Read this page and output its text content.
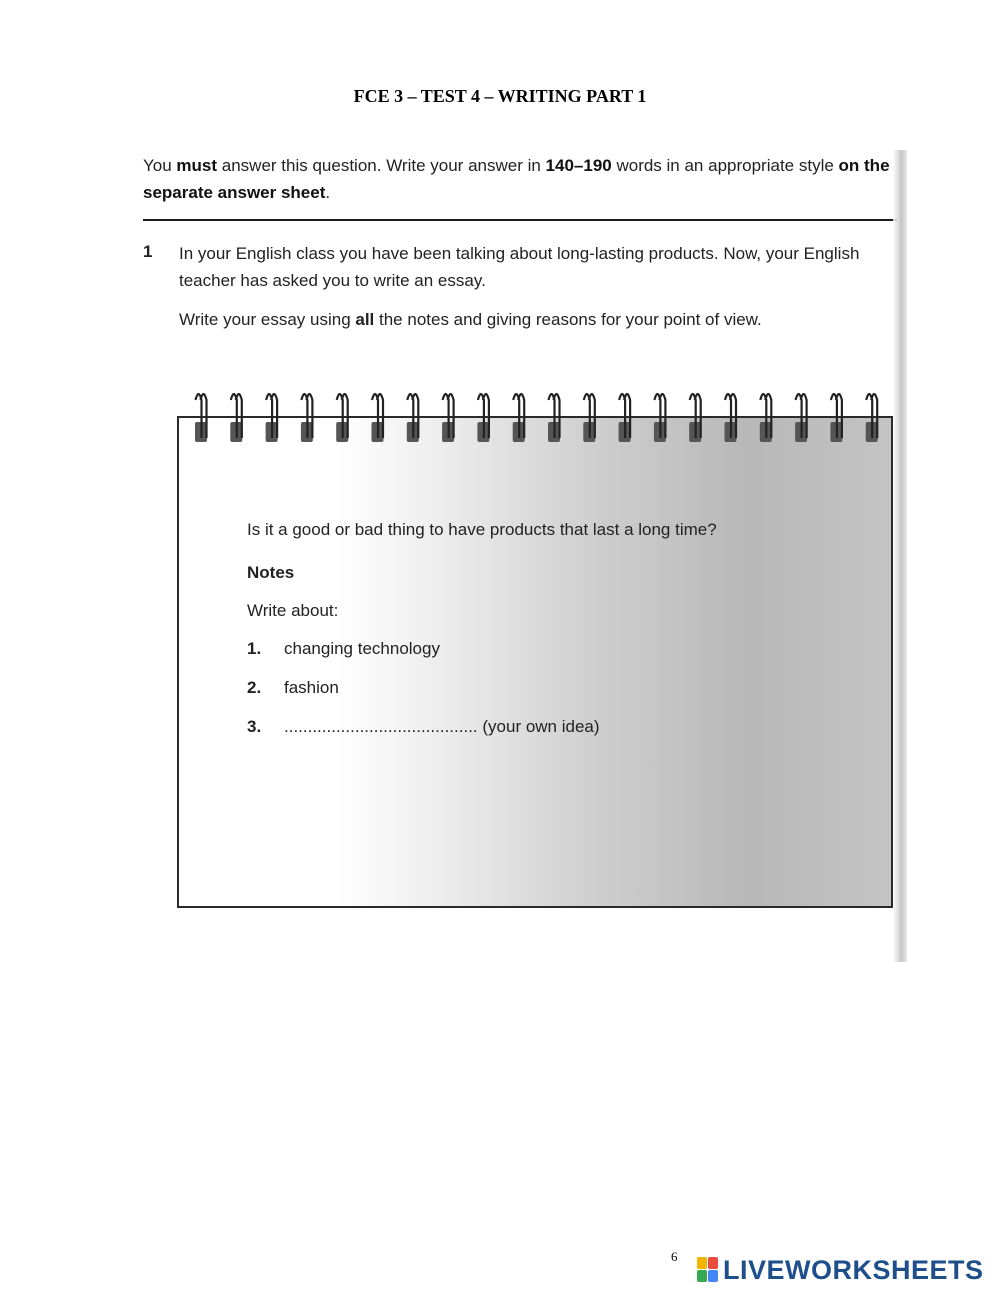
FCE 3 – TEST 4 – WRITING PART 1
You must answer this question. Write your answer in 140–190 words in an appropriate style on the separate answer sheet.
1 In your English class you have been talking about long-lasting products. Now, your English teacher has asked you to write an essay.
Write your essay using all the notes and giving reasons for your point of view.
Is it a good or bad thing to have products that last a long time?
Notes
Write about:
1. changing technology
2. fashion
3. ......................................... (your own idea)
6 LIVEWORKSHEETS
